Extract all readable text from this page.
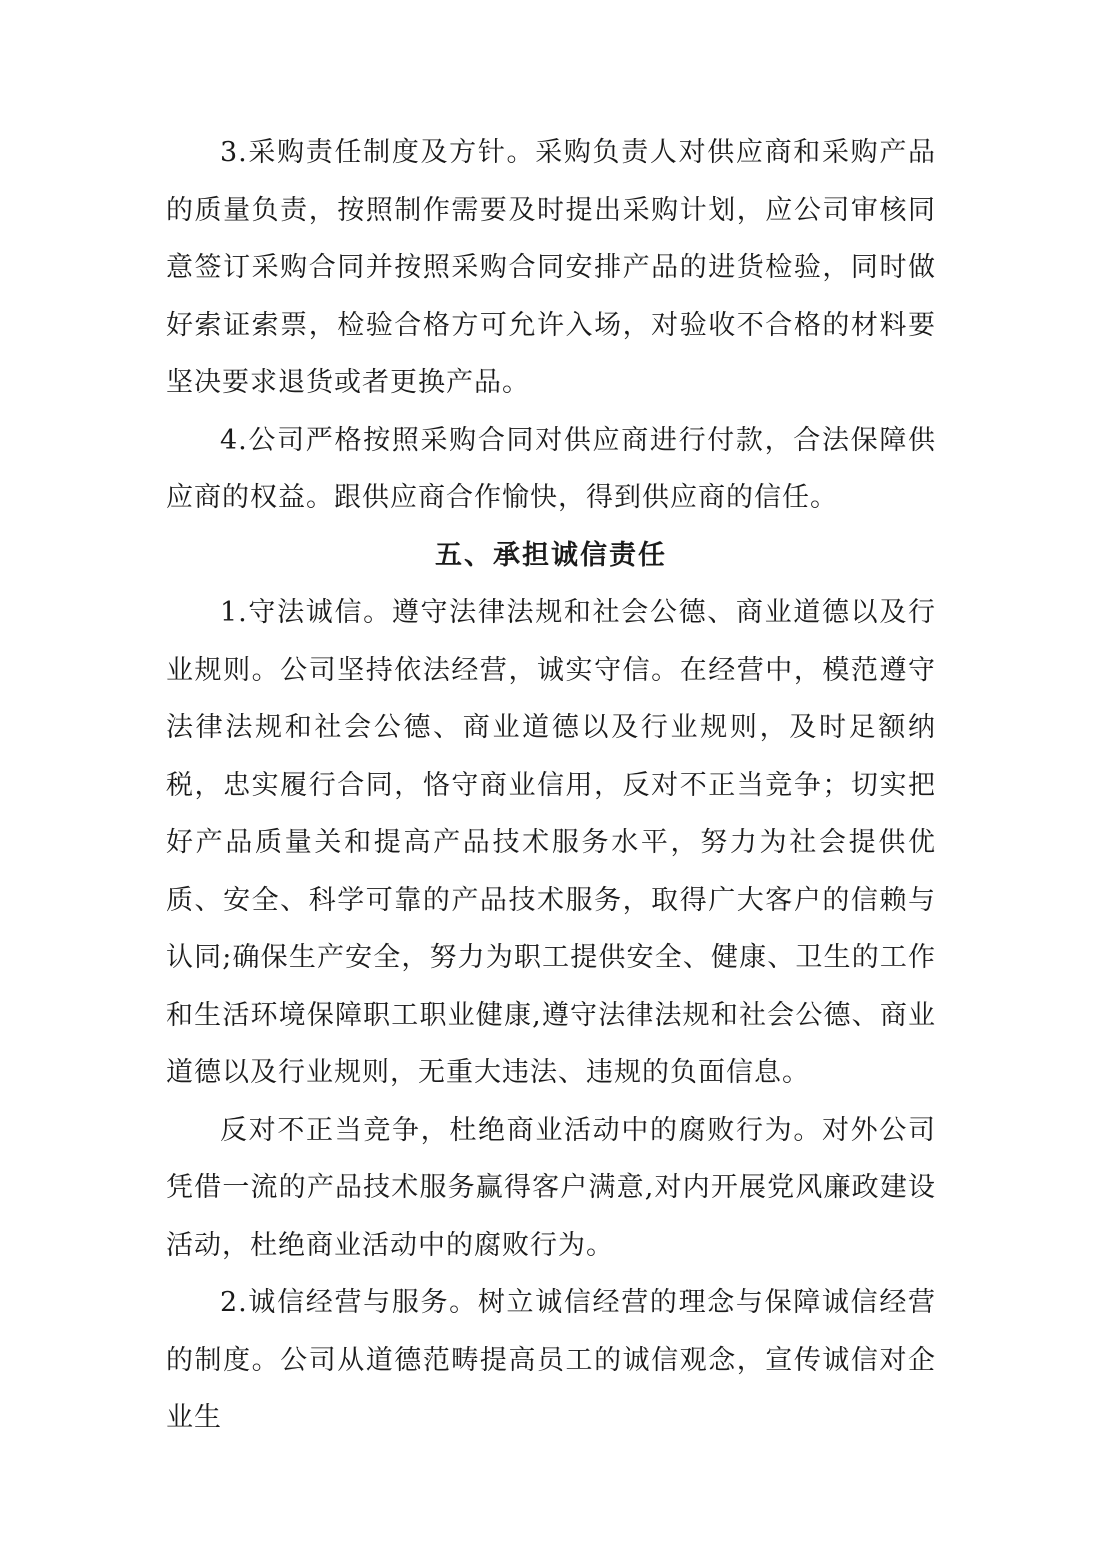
3.采购责任制度及方针。采购负责人对供应商和采购产品的质量负责，按照制作需要及时提出采购计划，应公司审核同意签订采购合同并按照采购合同安排产品的进货检验，同时做好索证索票，检验合格方可允许入场，对验收不合格的材料要坚决要求退货或者更换产品。

4.公司严格按照采购合同对供应商进行付款，合法保障供应商的权益。跟供应商合作愉快，得到供应商的信任。

五、承担诚信责任

1.守法诚信。遵守法律法规和社会公德、商业道德以及行业规则。公司坚持依法经营，诚实守信。在经营中，模范遵守法律法规和社会公德、商业道德以及行业规则，及时足额纳税，忠实履行合同，恪守商业信用，反对不正当竞争；切实把好产品质量关和提高产品技术服务水平，努力为社会提供优质、安全、科学可靠的产品技术服务，取得广大客户的信赖与认同;确保生产安全，努力为职工提供安全、健康、卫生的工作和生活环境保障职工职业健康,遵守法律法规和社会公德、商业道德以及行业规则，无重大违法、违规的负面信息。

反对不正当竞争，杜绝商业活动中的腐败行为。对外公司凭借一流的产品技术服务赢得客户满意,对内开展党风廉政建设活动，杜绝商业活动中的腐败行为。

2.诚信经营与服务。树立诚信经营的理念与保障诚信经营的制度。公司从道德范畴提高员工的诚信观念，宣传诚信对企业生
